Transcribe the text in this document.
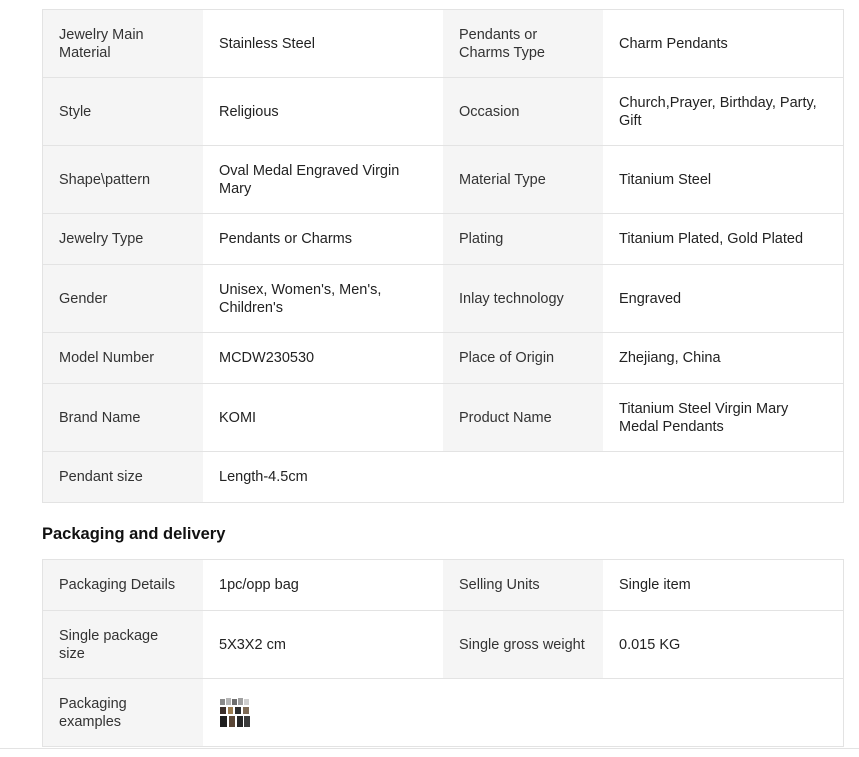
Jewelry Main Material	Stainless Steel	Pendants or Charms Type	Charm Pendants
Style	Religious	Occasion	Church,Prayer, Birthday, Party, Gift
Shape\pattern	Oval Medal Engraved Virgin Mary	Material Type	Titanium Steel
Jewelry Type	Pendants or Charms	Plating	Titanium Plated, Gold Plated
Gender	Unisex, Women's, Men's, Children's	Inlay technology	Engraved
Model Number	MCDW230530	Place of Origin	Zhejiang, China
Brand Name	KOMI	Product Name	Titanium Steel Virgin Mary Medal Pendants
Pendant size	Length-4.5cm		
Packaging and delivery
Packaging Details	1pc/opp bag	Selling Units	Single item
Single package size	5X3X2 cm	Single gross weight	0.015 KG
Packaging examples	
